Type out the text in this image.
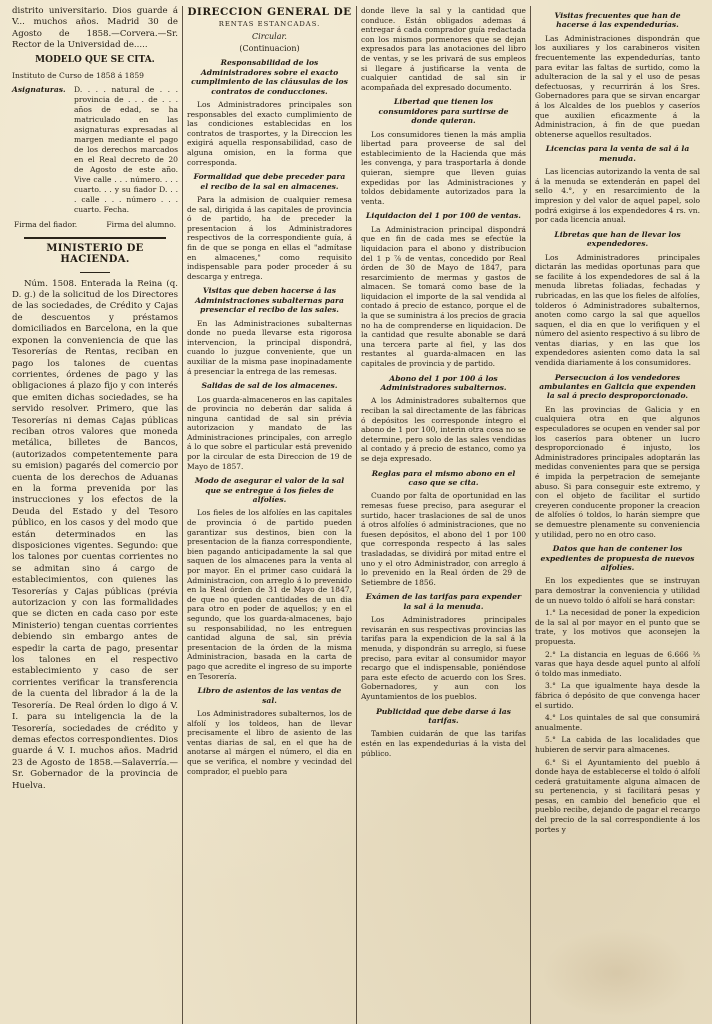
distrito universitario. Dios guarde á V... muchos años. Madrid 30 de Agosto de 1858.—Corvera.—Sr. Rector de la Universidad de.....

MODELO QUE SE CITA.
Instituto de Curso de 1858 á 1859
Asignaturas.	D. . . . natural de . . . provincia de . . . de . . . años de edad, se ha matriculado en las asignaturas expresadas al margen mediante el pago de los derechos marcados en el Real decreto de 20 de Agosto de este año. Vive calle . . . número. . . . cuarto. . . y su fiador D. . . . calle . . . número . . . cuarto. Fecha.
Firma del fiador.	Firma del alumno.
MINISTERIO DE HACIENDA.

Núm. 1508. Enterada la Reina (q. D. g.) de la solicitud de los Directores de las sociedades, de Crédito y Cajas de descuentos y préstamos domiciliados en Barcelona, en la que exponen la conveniencia de que las Tesorerías de Rentas, reciban en pago los talones de cuentas corrientes, órdenes de pago y las obligaciones á plazo fijo y con interés que emiten dichas sociedades, se ha servido resolver. Primero, que las Tesorerías ni demas Cajas públicas reciban otros valores que moneda metálica, billetes de Bancos, (autorizados competentemente para su emision) pagarés del comercio por cuenta de los derechos de Aduanas en la forma prevenida por las instrucciones y los efectos de la Deuda del Estado y del Tesoro público, en los casos y del modo que están determinados en las disposiciones vigentes. Segundo: que los talones por cuentas corrientes no se admitan sino á cargo de establecimientos, con quienes las Tesorerías y Cajas públicas (prévia autorizacion y con las formalidades que se dicten en cada caso por este Ministerio) tengan cuentas corrientes debiendo sin embargo antes de espedir la carta de pago, presentar los talones en el respectivo establecimiento y caso de ser corrientes verificar la transferencia de la cuenta del librador á la de la Tesorería. De Real órden lo digo á V. I. para su inteligencia la de la Tesorería, sociedades de crédito y demas efectos correspondientes. Dios guarde á V. I. muchos años. Madrid 23 de Agosto de 1858.—Salaverría.—Sr. Gobernador de la provincia de Huelva.

DIRECCION GENERAL DE
RENTAS ESTANCADAS.
Circular.
(Continuacion)
Responsabilidad de los Administradores sobre el exacto cumplimiento de las cláusulas de los contratos de conducciones.

Los Administradores principales son responsables del exacto cumplimiento de las condiciones establecidas en los contratos de trasportes, y la Direccion les exigirá aquella responsabilidad, caso de alguna omision, en la forma que corresponda.

Formalidad que debe preceder para el recibo de la sal en almacenes.

Para la admision de cualquier remesa de sal, dirigida á las capitales de provincia ó de partido, ha de preceder la presentacion á los Administradores respectivos de la correspondiente guía, á fin de que se ponga en ellas el "admítase en almacenes," como requisito indispensable para poder proceder á su descarga y entrega.

Visitas que deben hacerse á las Administraciones subalternas para presenciar el recibo de las sales.

En las Administraciones subalternas donde no pueda llevarse esta rigorosa intervencion, la principal dispondrá, cuando lo juzgue conveniente, que un auxiliar de la misma pase inopinadamente á presenciar la entrega de las remesas.

Salidas de sal de los almacenes.

Los guarda-almaceneros en las capitales de provincia no deberán dar salida á ninguna cantidad de sal sin prévia autorizacion y mandato de las Administraciones principales, con arreglo á lo que sobre el particular está prevenido por la circular de esta Direccion de 19 de Mayo de 1857.

Modo de asegurar el valor de la sal que se entregue á los fieles de alfolíes.

Los fieles de los alfolíes en las capitales de provincia ó de partido pueden garantizar sus destinos, bien con la presentacion de la fianza correspondiente, bien pagando anticipadamente la sal que saquen de los almacenes para la venta al por mayor. En el primer caso cuidará la Administracion, con arreglo á lo prevenido en la Real órden de 31 de Mayo de 1847, de que no queden cantidades de un dia para otro en poder de aquellos; y en el segundo, que los guarda-almacenes, bajo su responsabilidad, no les entreguen cantidad alguna de sal, sin prévia presentacion de la órden de la misma Administracion, basada en la carta de pago que acredite el ingreso de su importe en Tesorería.

Libro de asientos de las ventas de sal.

Los Administradores subalternos, los de alfolí y los toldeos, han de llevar precisamente el libro de asiento de las ventas diarias de sal, en el que ha de anotarse al márgen el número, el dia en que se verifica, el nombre y vecindad del comprador, el pueblo para

donde lleve la sal y la cantidad que conduce. Están obligados ademas á entregar á cada comprador guía redactada con los mismos pormenores que se dejan expresados para las anotaciones del libro de ventas, y se les privará de sus empleos si llegare á justificarse la venta de cualquier cantidad de sal sin ir acompañada del expresado documento.

Libertad que tienen los consumidores para surtirse de donde quieran.

Los consumidores tienen la más amplia libertad para proveerse de sal del establecimiento de la Hacienda que más les convenga, y para trasportarla á donde quieran, siempre que lleven guias expedidas por las Administraciones y toldos debidamente autorizados para la venta.

Liquidacion del 1 por 100 de ventas.

La Administracion principal dispondrá que en fin de cada mes se efectúe la liquidacion para el abono y distribucion del 1 p ⅞ de ventas, concedido por Real órden de 30 de Mayo de 1847, para resarcimiento de mermas y gastos de almacen. Se tomará como base de la liquidacion el importe de la sal vendida al contado á precio de estanco, porque el de la que se suministra á los precios de gracia no ha de comprenderse en liquidacion. De la cantidad que resulte abonable se dará una tercera parte al fiel, y las dos restantes al guarda-almacen en las capitales de provincia y de partido.

Abono del 1 por 100 á los Administradores subalternos.

A los Administradores subalternos que reciban la sal directamente de las fábricas ó depósitos les corresponde íntegro el abono de 1 por 100, interin otra cosa no se determine, pero solo de las sales vendidas al contado y á precio de estanco, como ya se deja expresado.

Reglas para el mismo abono en el caso que se cita.

Cuando por falta de oportunidad en las remesas fuese preciso, para asegurar el surtido, hacer traslaciones de sal de unos á otros alfolíes ó administraciones, que no fuesen depósitos, el abono del 1 por 100 que corresponda respecto á las sales trasladadas, se dividirá por mitad entre el uno y el otro Administrador, con arreglo á lo prevenido en la Real órden de 29 de Setiembre de 1856.

Exámen de las tarifas para expender la sal á la menuda.

Los Administradores principales revisarán en sus respectivas provincias las tarifas para la expendicion de la sal á la menuda, y dispondrán su arreglo, si fuese preciso, para evitar al consumidor mayor recargo que el indispensable, poniéndose para este efecto de acuerdo con los Sres. Gobernadores, y aun con los Ayuntamientos de los pueblos.

Publicidad que debe darse á las tarifas.

Tambien cuidarán de que las tarifas estén en las expendedurias á la vista del público.

Visitas frecuentes que han de hacerse á las expendedurías.

Las Administraciones dispondrán que los auxiliares y los carabineros visiten frecuentemente las expendedurías, tanto para evitar las faltas de surtido, como la adulteracion de la sal y el uso de pesas defectuosas, y recurrirán á los Sres. Gobernadores para que se sirvan encargar á los Alcaldes de los pueblos y caseríos que auxilien eficazmente á la Administracion, á fin de que puedan obtenerse aquellos resultados.

Licencias para la venta de sal á la menuda.

Las licencias autorizando la venta de sal á la menuda se extenderán en papel del sello 4.°, y en resarcimiento de la impresion y del valor de aquel papel, solo podrá exigirse á los expendedores 4 rs. vn. por cada licencia anual.

Libretas que han de llevar los expendedores.

Los Administradores principales dictarán las medidas oportunas para que se facilite á los expendedores de sal á la menuda libretas foliadas, fechadas y rubricadas, en las que los fieles de alfolíes, tolderos ó Administradores subalternos, anoten como cargo la sal que aquellos saquen, el dia en que lo verifiquen y el número del asiento respectivo á su libro de ventas diarias, y en las que los expendedores asienten como data la sal vendida diariamente á los consumidores.

Persecucion á los vendedores ambulantes en Galicia que expenden la sal á precio desproporcionado.

En las provincias de Galicia y en cualquiera otra en que algunos especuladores se ocupen en vender sal por los caseríos para obtener un lucro desproporcionado é injusto, los Administradores principales adoptarán las medidas convenientes para que se persiga é impida la perpetracion de semejante abuso. Si para conseguir este extremo, y con el objeto de facilitar el surtido creyeren conducente proponer la creacion de alfolíes ó toldos, lo harán siempre que se demuestre plenamente su conveniencia y utilidad, pero no en otro caso.

Datos que han de contener los expedientes de propuesta de nuevos alfolíes.

En los expedientes que se instruyan para demostrar la conveniencia y utilidad de un nuevo toldo ó alfolí se hará constar:

1.° La necesidad de poner la expedicion de la sal al por mayor en el punto que se trate, y los motivos que aconsejen la propuesta.
2.° La distancia en leguas de 6.666 ⅔ varas que haya desde aquel punto al alfolí ó toldo mas inmediato.
3.° La que igualmente haya desde la fábrica ó depósito de que convenga hacer el surtido.
4.° Los quintales de sal que consumirá anualmente.
5.° La cabida de las localidades que hubieren de servir para almacenes.
6.° Si el Ayuntamiento del pueblo á donde haya de establecerse el toldo ó alfolí cederá gratuitamente alguna almacen de su pertenencia, y si facilitará pesas y pesas, en cambio del beneficio que el pueblo recibe, dejando de pagar el recargo del precio de la sal correspondiente á los portes y
